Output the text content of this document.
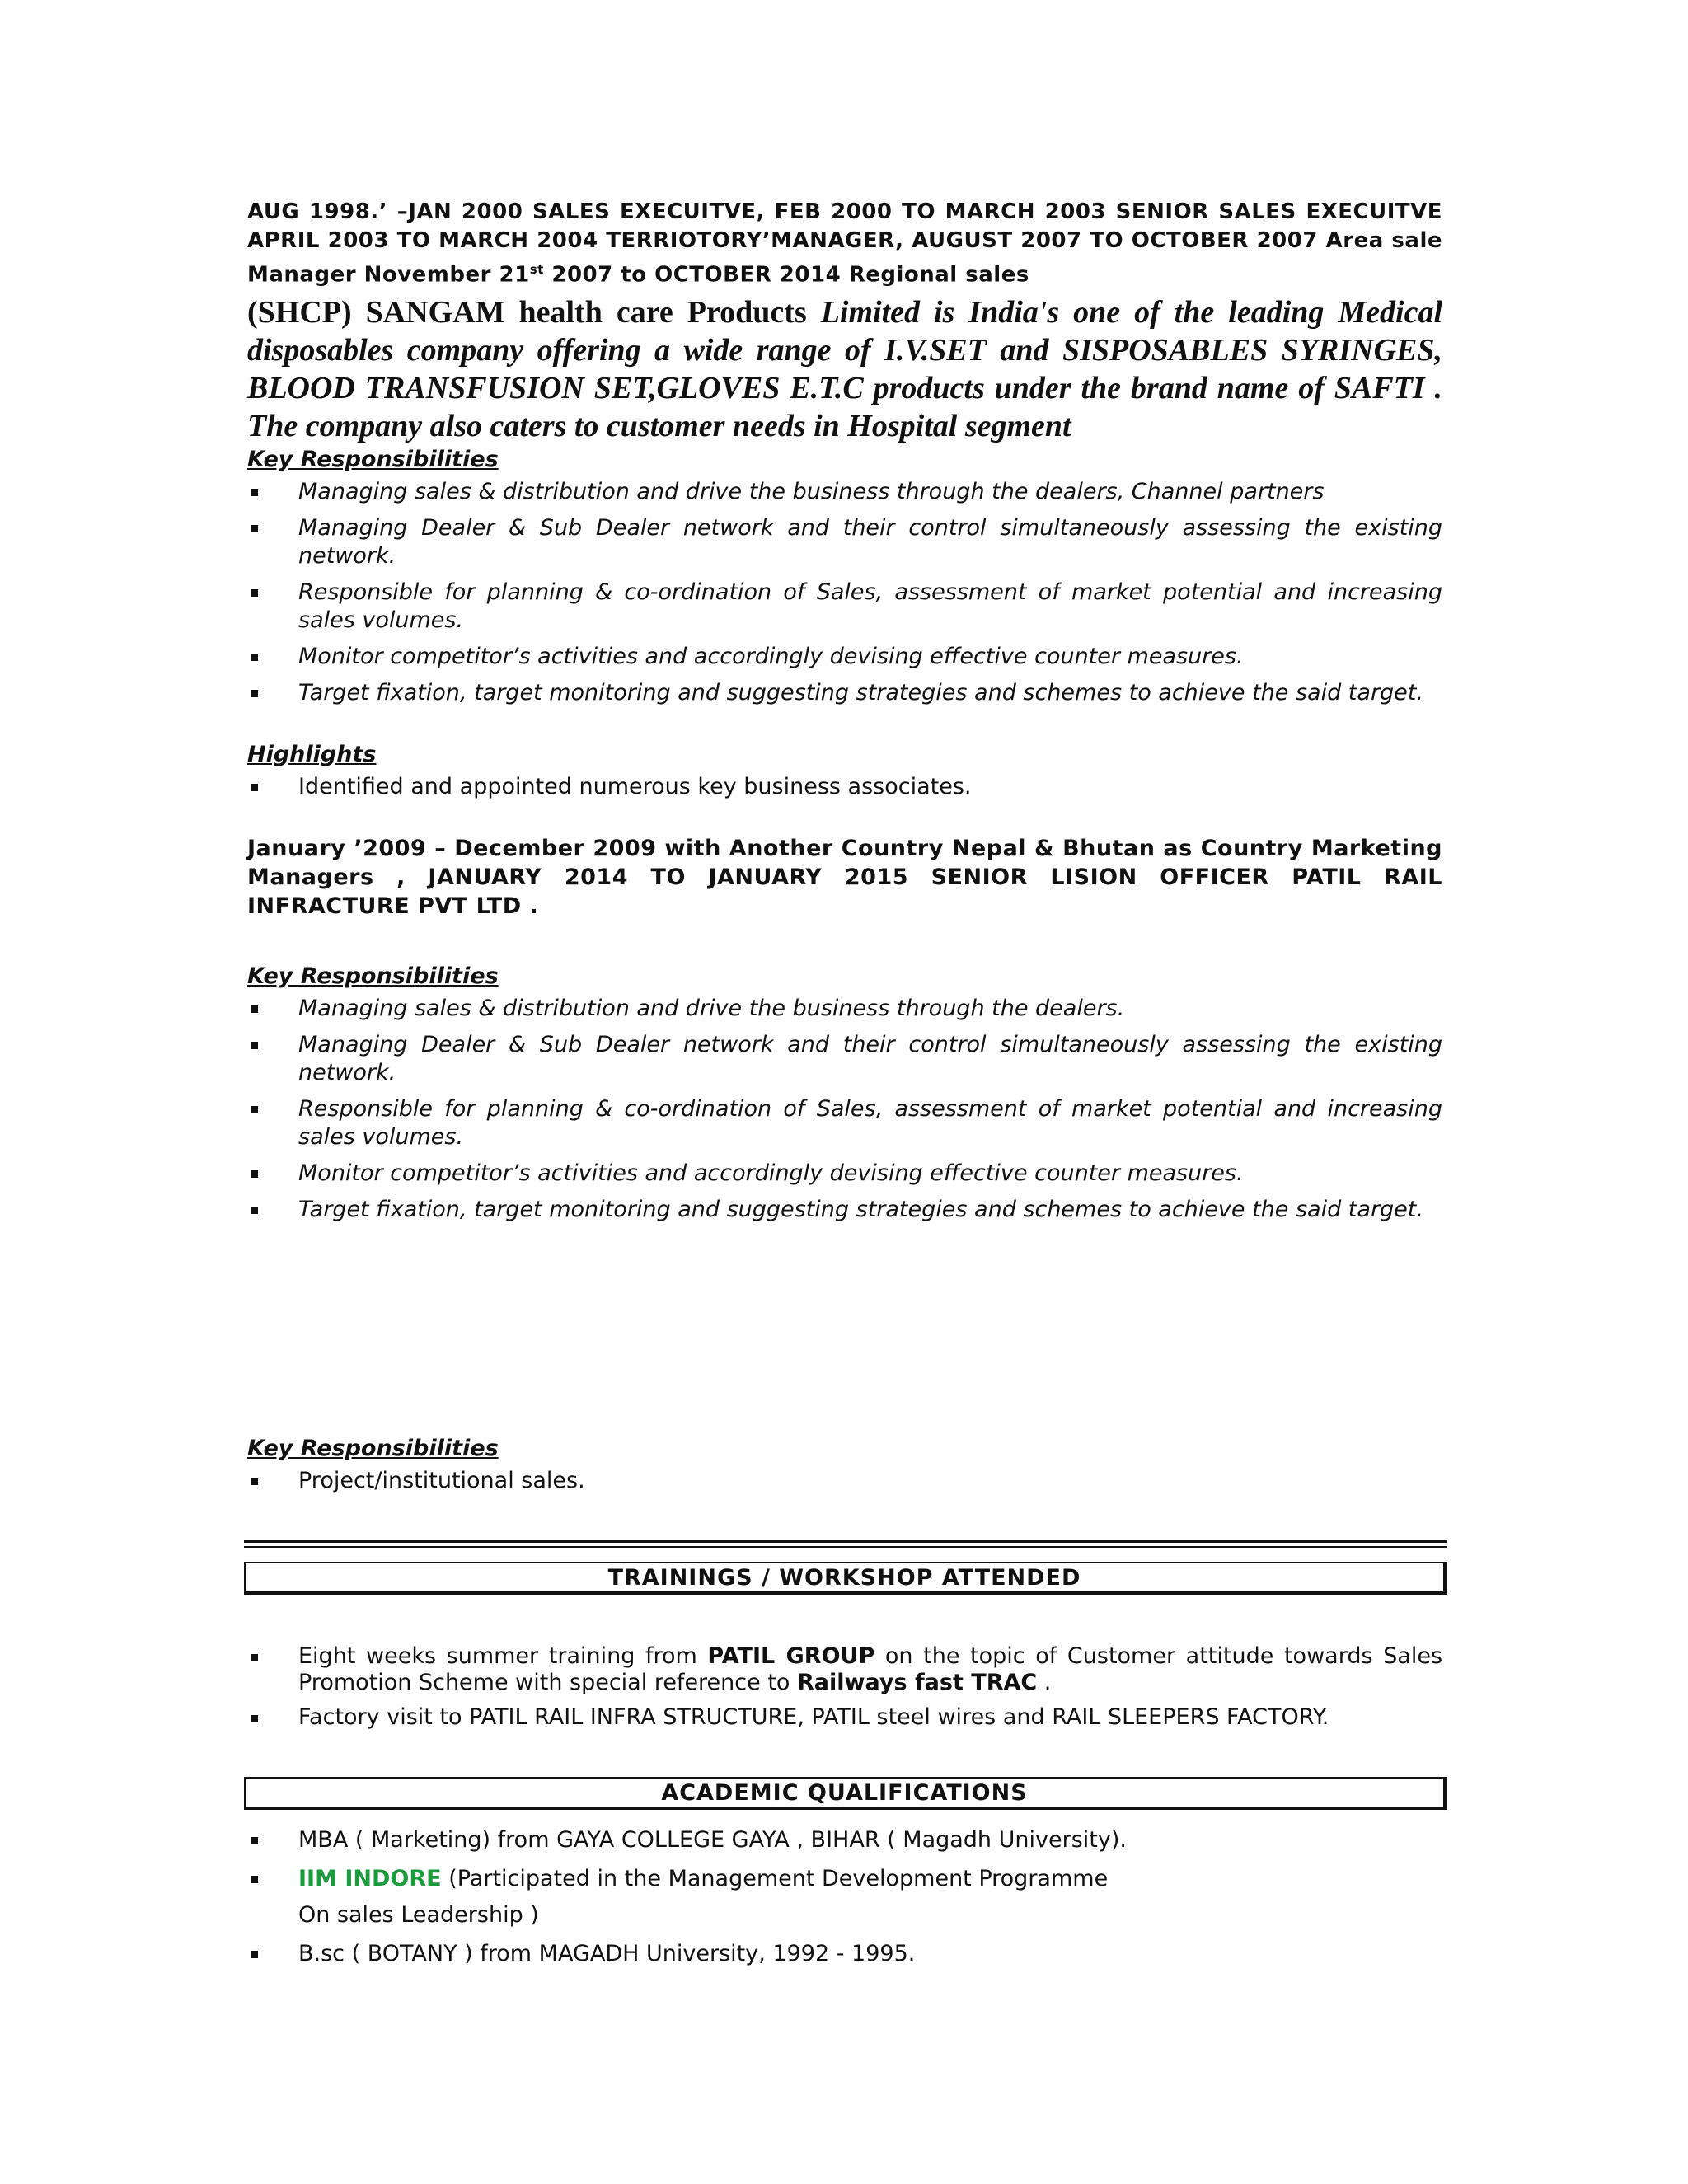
AUG 1998.’ –JAN 2000 SALES EXECUITVE, FEB 2000 TO MARCH 2003 SENIOR SALES EXECUITVE APRIL 2003 TO MARCH 2004 TERRIOTORY’MANAGER, AUGUST 2007 TO OCTOBER 2007 Area sale Manager November 21st 2007 to OCTOBER 2014 Regional sales
(SHCP) SANGAM health care Products Limited is India's one of the leading Medical disposables company offering a wide range of I.V.SET and SISPOSABLES SYRINGES, BLOOD TRANSFUSION SET,GLOVES E.T.C products under the brand name of SAFTI . The company also caters to customer needs in Hospital segment
Key Responsibilities
Managing sales & distribution and drive the business through the dealers, Channel partners
Managing Dealer & Sub Dealer network and their control simultaneously assessing the existing network.
Responsible for planning & co-ordination of Sales, assessment of market potential and increasing sales volumes.
Monitor competitor’s activities and accordingly devising effective counter measures.
Target fixation, target monitoring and suggesting strategies and schemes to achieve the said target.
Highlights
Identified and appointed numerous key business associates.
January ’2009 – December 2009 with Another Country Nepal & Bhutan as Country Marketing Managers , JANUARY 2014 TO JANUARY 2015 SENIOR LISION OFFICER PATIL RAIL INFRACTURE PVT LTD .
Key Responsibilities
Managing sales & distribution and drive the business through the dealers.
Managing Dealer & Sub Dealer network and their control simultaneously assessing the existing network.
Responsible for planning & co-ordination of Sales, assessment of market potential and increasing sales volumes.
Monitor competitor’s activities and accordingly devising effective counter measures.
Target fixation, target monitoring and suggesting strategies and schemes to achieve the said target.
Key Responsibilities
Project/institutional sales.
TRAININGS / WORKSHOP ATTENDED
Eight weeks summer training from PATIL GROUP on the topic of Customer attitude towards Sales Promotion Scheme with special reference to Railways fast TRAC .
Factory visit to PATIL RAIL INFRA STRUCTURE, PATIL steel wires and RAIL SLEEPERS FACTORY.
ACADEMIC QUALIFICATIONS
MBA ( Marketing) from GAYA COLLEGE GAYA , BIHAR ( Magadh University).
IIM INDORE (Participated in the Management Development Programme
On sales Leadership )
B.sc ( BOTANY ) from MAGADH University, 1992 - 1995.
